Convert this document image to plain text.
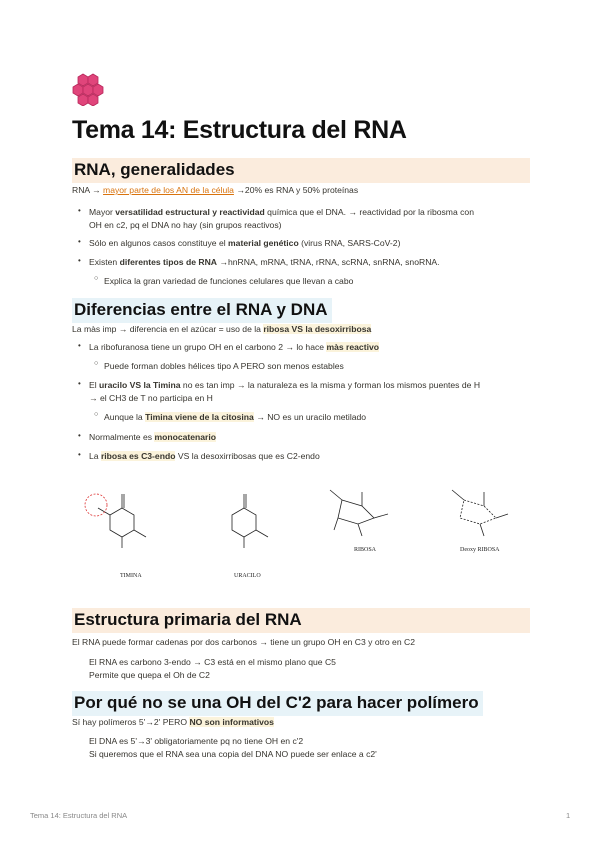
Tema 14: Estructura del RNA
RNA, generalidades
RNA → mayor parte de los AN de la célula →20% es RNA y 50% proteínas
• Mayor versatilidad estructural y reactividad química que el DNA. → reactividad por la ribosma con
OH en c2, pq el DNA no hay (sin grupos reactivos)
• Sólo en algunos casos constituye el material genético (virus RNA, SARS-CoV-2)
• Existen diferentes tipos de RNA →hnRNA, mRNA, tRNA, rRNA, scRNA, snRNA, snoRNA.
○ Explica la gran variedad de funciones celulares que llevan a cabo
Diferencias entre el RNA y DNA
La màs imp → diferencia en el azúcar = uso de la ribosa VS la desoxirribosa
• La ribofuranosa tiene un grupo OH en el carbono 2 → lo hace màs reactivo
○ Puede forman dobles hélices tipo A PERO son menos estables
• El uracilo VS la Timina no es tan imp → la naturaleza es la misma y forman los mismos puentes de H
→ el CH3 de T no participa en H
○ Aunque la Timina viene de la citosina → NO es un uracilo metilado
• Normalmente es monocatenario
• La ribosa es C3-endo VS la desoxirribosas que es C2-endo
TIMINA	URACILO
RIBOSA	Deoxy RIBOSA
Estructura primaria del RNA
El RNA puede formar cadenas por dos carbonos → tiene un grupo OH en C3 y otro en C2
El RNA es carbono 3-endo → C3 está en el mismo plano que C5
Permite que quepa el Oh de C2
Por qué no se una OH del C'2 para hacer polímero
Sí hay polímeros 5'→2' PERO NO son informativos
El DNA es 5'→3' obligatoriamente pq no tiene OH en c'2
Si queremos que el RNA sea una copia del DNA NO puede ser enlace a c2'
Tema 14: Estructura del RNA	1
